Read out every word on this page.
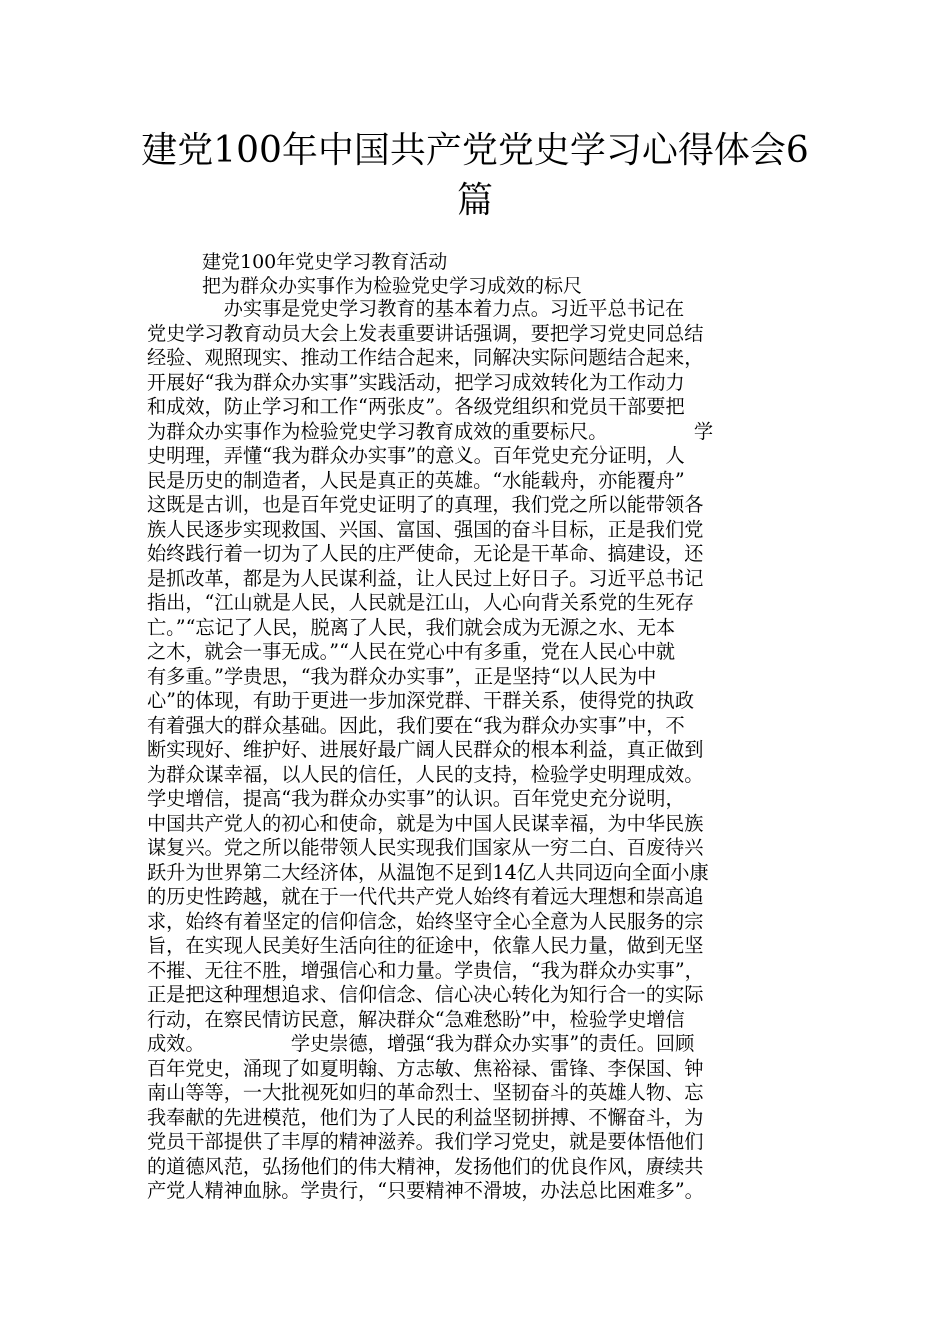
建党100年中国共产党党史学习心得体会6篇
建党100年党史学习教育活动
把为群众办实事作为检验党史学习成效的标尺
　　　　办实事是党史学习教育的基本着力点。习近平总书记在
党史学习教育动员大会上发表重要讲话强调，要把学习党史同总结
经验、观照现实、推动工作结合起来，同解决实际问题结合起来，
开展好“我为群众办实事”实践活动，把学习成效转化为工作动力
和成效，防止学习和工作“两张皮”。各级党组织和党员干部要把
为群众办实事作为检验党史学习教育成效的重要标尺。　　　　　学
史明理，弄懂“我为群众办实事”的意义。百年党史充分证明，人
民是历史的制造者，人民是真正的英雄。“水能载舟，亦能覆舟”
这既是古训，也是百年党史证明了的真理，我们党之所以能带领各
族人民逐步实现救国、兴国、富国、强国的奋斗目标，正是我们党
始终践行着一切为了人民的庄严使命，无论是干革命、搞建设，还
是抓改革，都是为人民谋利益，让人民过上好日子。习近平总书记
指出，“江山就是人民，人民就是江山，人心向背关系党的生死存
亡。”“忘记了人民，脱离了人民，我们就会成为无源之水、无本
之木，就会一事无成。”“人民在党心中有多重，党在人民心中就
有多重。”学贵思，“我为群众办实事”，正是坚持“以人民为中
心”的体现，有助于更进一步加深党群、干群关系，使得党的执政
有着强大的群众基础。因此，我们要在“我为群众办实事”中，不
断实现好、维护好、进展好最广阔人民群众的根本利益，真正做到
为群众谋幸福，以人民的信任，人民的支持，检验学史明理成效。
学史增信，提高“我为群众办实事”的认识。百年党史充分说明，
中国共产党人的初心和使命，就是为中国人民谋幸福，为中华民族
谋复兴。党之所以能带领人民实现我们国家从一穷二白、百废待兴
跃升为世界第二大经济体，从温饱不足到14亿人共同迈向全面小康
的历史性跨越，就在于一代代共产党人始终有着远大理想和崇高追
求，始终有着坚定的信仰信念，始终坚守全心全意为人民服务的宗
旨，在实现人民美好生活向往的征途中，依靠人民力量，做到无坚
不摧、无往不胜，增强信心和力量。学贵信，“我为群众办实事”，
正是把这种理想追求、信仰信念、信心决心转化为知行合一的实际
行动，在察民情访民意，解决群众“急难愁盼”中，检验学史增信
成效。　　　　　学史崇德，增强“我为群众办实事”的责任。回顾
百年党史，涌现了如夏明翰、方志敏、焦裕禄、雷锋、李保国、钟
南山等等，一大批视死如归的革命烈士、坚韧奋斗的英雄人物、忘
我奉献的先进模范，他们为了人民的利益坚韧拼搏、不懈奋斗，为
党员干部提供了丰厚的精神滋养。我们学习党史，就是要体悟他们
的道德风范，弘扬他们的伟大精神，发扬他们的优良作风，赓续共
产党人精神血脉。学贵行，“只要精神不滑坡，办法总比困难多”。
